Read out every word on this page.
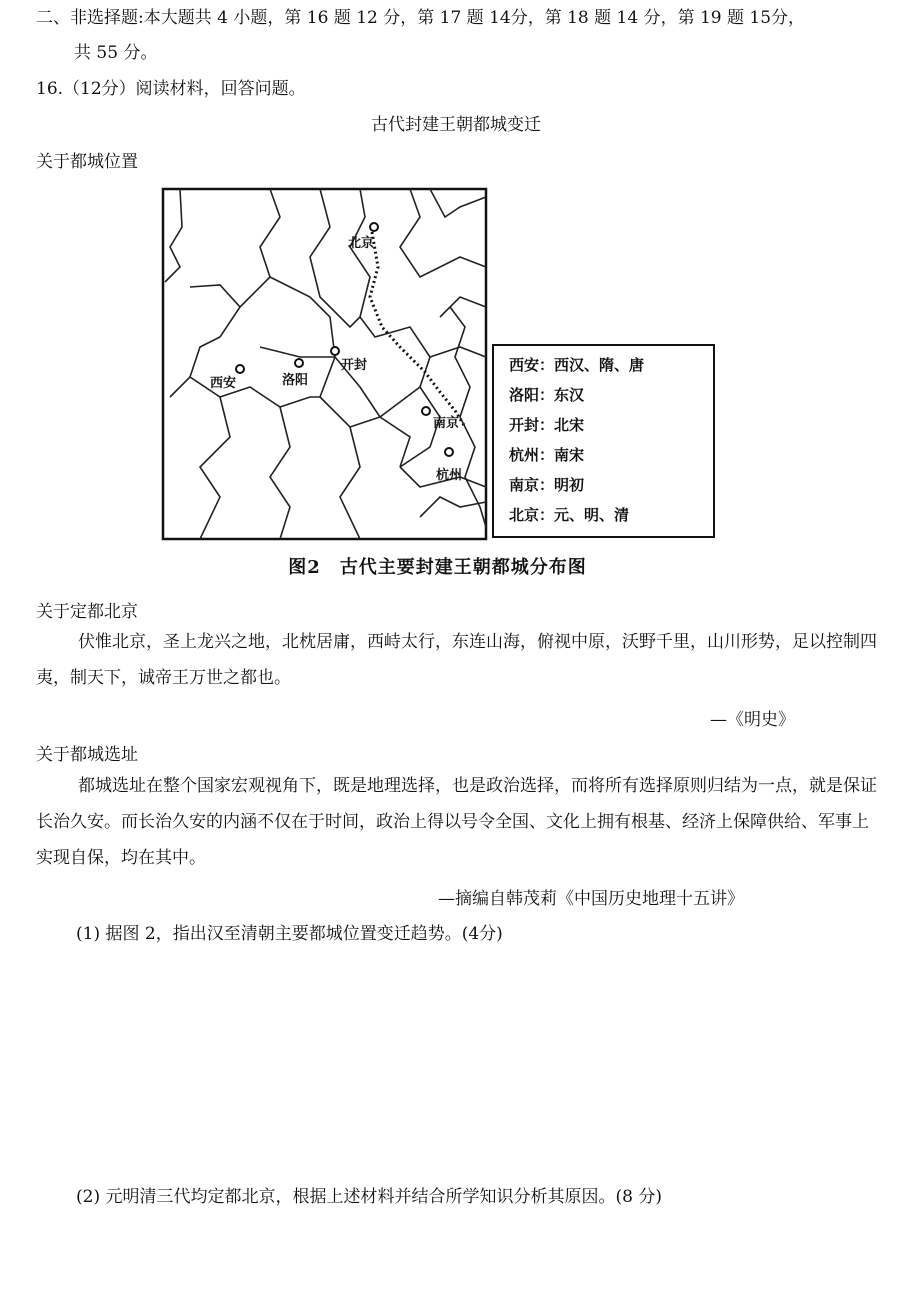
二、非选择题:本大题共 4 小题，第 16 题 12 分，第 17 题 14分，第 18 题 14 分，第 19 题 15分，
共 55 分。
16.（12分）阅读材料，回答问题。
古代封建王朝都城变迁
关于都城位置
北京
西安	洛阳
开封
南京
杭州
西安：西汉、隋、唐
洛阳：东汉
开封：北宋
杭州：南宋
南京：明初
北京：元、明、清
图2　古代主要封建王朝都城分布图
关于定都北京
伏惟北京，圣上龙兴之地，北枕居庸，西峙太行，东连山海，俯视中原，沃野千里，山川形势，足以控制四夷，制天下，诚帝王万世之都也。
—《明史》
关于都城选址
都城选址在整个国家宏观视角下，既是地理选择，也是政治选择，而将所有选择原则归结为一点，就是保证长治久安。而长治久安的内涵不仅在于时间，政治上得以号令全国、文化上拥有根基、经济上保障供给、军事上实现自保，均在其中。
—摘编自韩茂莉《中国历史地理十五讲》
(1) 据图 2，指出汉至清朝主要都城位置变迁趋势。(4分)
(2) 元明清三代均定都北京，根据上述材料并结合所学知识分析其原因。(8 分)
